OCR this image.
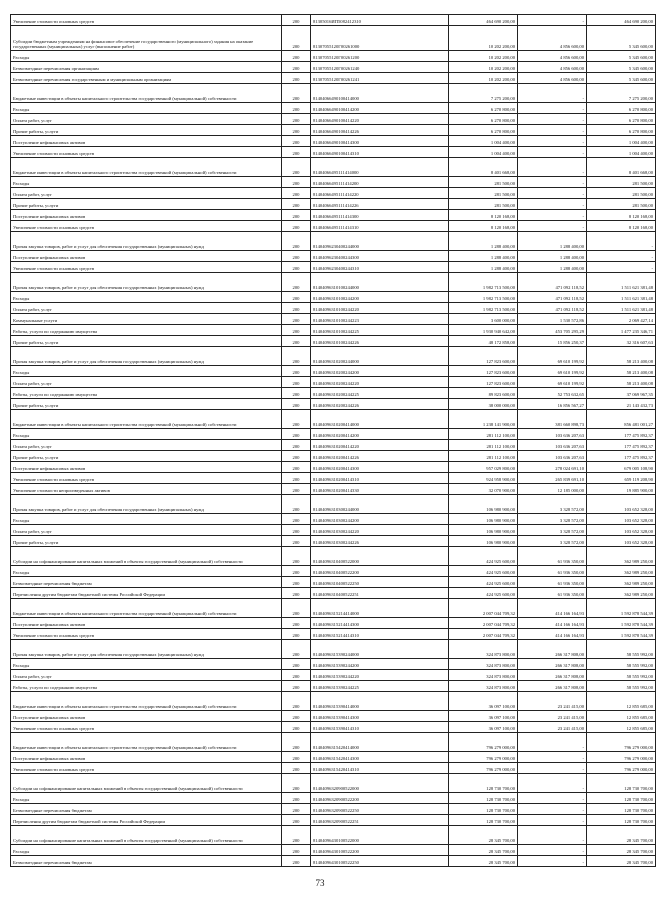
Увеличение стоимости основных средств	200	81305016ИП5082412310	464 690 200,00	-	464 690 200,00
Субсидии бюджетным учреждениям на финансовое обеспечение государственного (муниципального) задания на оказание государственных (муниципальных) услуг (выполнение работ)	200	81307055120Г00261000	10 202 200,00	4 856 600,00	5 345 600,00
Расходы	200	81307055120Г00261200	10 202 200,00	4 856 600,00	5 345 600,00
Безвозмездные перечисления организациям	200	81307055120Г00261240	10 202 200,00	4 856 600,00	5 345 600,00
Безвозмездные перечисления государственным и муниципальным организациям	200	81307055120Г00261241	10 202 200,00	4 856 600,00	5 345 600,00
Бюджетные инвестиции в объекты капитального строительства государственной (муниципальной) собственности	200	81404066490100414000	7 275 200,00	-	7 275 200,00
Расходы	200	81404066490100414200	6 270 800,00	-	6 270 800,00
Оплата работ, услуг	200	81404066490100414220	6 270 800,00	-	6 270 800,00
Прочие работы, услуги	200	81404066490100414226	6 270 800,00	-	6 270 800,00
Поступление нефинансовых активов	200	81404066490100414300	1 004 400,00	-	1 004 400,00
Увеличение стоимости основных средств	200	81404066490100414310	1 004 400,00	-	1 004 400,00
Бюджетные инвестиции в объекты капитального строительства государственной (муниципальной) собственности	200	81404066495111414000	8 401 668,00	-	8 401 668,00
Расходы	200	81404066495111414200	281 500,00	-	281 500,00
Оплата работ, услуг	200	81404066495111414220	281 500,00	-	281 500,00
Прочие работы, услуги	200	81404066495111414226	281 500,00	-	281 500,00
Поступление нефинансовых активов	200	81404066495111414300	8 120 168,00	-	8 120 168,00
Увеличение стоимости основных средств	200	81404066495111414310	8 120 168,00	-	8 120 168,00
Прочая закупка товаров, работ и услуг для обеспечения государственных (муниципальных) нужд	200	81404096230400244000	1 288 400,00	1 288 400,00	-
Поступление нефинансовых активов	200	81404096230400244300	1 288 400,00	1 288 400,00	-
Увеличение стоимости основных средств	200	81404096230400244310	1 288 400,00	1 288 400,00	-
Прочая закупка товаров, работ и услуг для обеспечения государственных (муниципальных) нужд	200	81404096310100244000	1 982 713 500,00	471 092 118,52	1 511 621 381,48
Расходы	200	81404096310100244200	1 982 713 500,00	471 092 118,52	1 511 621 381,48
Оплата работ, услуг	200	81404096310100244220	1 982 713 500,00	471 092 118,52	1 511 621 381,48
Коммунальные услуги	200	81404096310100244223	3 600 000,00	1 530 572,86	2 069 427,14
Работы, услуги по содержанию имущества	200	81404096310100244225	1 930 940 642,00	453 705 295,29	1 477 235 346,71
Прочие работы, услуги	200	81404096310100244226	48 172 858,00	15 856 250,37	32 316 607,63
Прочая закупка товаров, работ и услуг для обеспечения государственных (муниципальных) нужд	200	81404096310200244000	127 823 600,00	69 610 199,92	58 213 400,08
Расходы	200	81404096310200244200	127 823 600,00	69 610 199,92	58 213 400,08
Оплата работ, услуг	200	81404096310200244220	127 823 600,00	69 610 199,92	58 213 400,08
Работы, услуги по содержанию имущества	200	81404096310200244225	89 823 600,00	52 753 632,65	37 069 967,35
Прочие работы, услуги	200	81404096310200244226	38 000 000,00	16 856 567,27	21 143 432,73
Бюджетные инвестиции в объекты капитального строительства государственной (муниципальной) собственности	200	81404096310200414000	1 238 141 900,00	381 660 898,73	856 481 001,27
Расходы	200	81404096310200414200	281 112 100,00	103 636 207,63	177 475 892,37
Оплата работ, услуг	200	81404096310200414220	281 112 100,00	103 636 207,63	177 475 892,37
Прочие работы, услуги	200	81404096310200414226	281 112 100,00	103 636 207,63	177 475 892,37
Поступление нефинансовых активов	200	81404096310200414300	957 029 800,00	278 024 691,10	679 005 108,90
Увеличение стоимости основных средств	200	81404096310200414310	924 958 900,00	265 839 691,10	659 119 208,90
Увеличение стоимости непроизведенных активов	200	81404096310200414330	32 070 900,00	12 185 000,00	19 885 900,00
Прочая закупка товаров, работ и услуг для обеспечения государственных (муниципальных) нужд	200	81404096310300244000	106 980 900,00	3 328 572,00	103 652 328,00
Расходы	200	81404096310300244200	106 980 900,00	3 328 572,00	103 652 328,00
Оплата работ, услуг	200	81404096310300244220	106 980 900,00	3 328 572,00	103 652 328,00
Прочие работы, услуги	200	81404096310300244226	106 980 900,00	3 328 572,00	103 652 328,00
Субсидии на софинансирование капитальных вложений в объекты государственной (муниципальной) собственности	200	81404096310400522000	424 925 600,00	61 936 350,00	362 989 250,00
Расходы	200	81404096310400522200	424 925 600,00	61 936 350,00	362 989 250,00
Безвозмездные перечисления бюджетам	200	81404096310400522250	424 925 600,00	61 936 350,00	362 989 250,00
Перечисления другим бюджетам бюджетной системы Российской Федерации	200	81404096310400522251	424 925 600,00	61 936 350,00	362 989 250,00
Бюджетные инвестиции в объекты капитального строительства государственной (муниципальной) собственности	200	81404096315214414000	2 007 044 709,32	414 166 164,93	1 592 878 544,39
Поступление нефинансовых активов	200	81404096315214414300	2 007 044 709,32	414 166 164,93	1 592 878 544,39
Увеличение стоимости основных средств	200	81404096315214414310	2 007 044 709,32	414 166 164,93	1 592 878 544,39
Прочая закупка товаров, работ и услуг для обеспечения государственных (муниципальных) нужд	200	81404096315390244000	324 873 800,00	266 317 808,00	58 555 992,00
Расходы	200	81404096315390244200	324 873 800,00	266 317 808,00	58 555 992,00
Оплата работ, услуг	200	81404096315390244220	324 873 800,00	266 317 808,00	58 555 992,00
Работы, услуги по содержанию имущества	200	81404096315390244225	324 873 800,00	266 317 808,00	58 555 992,00
Бюджетные инвестиции в объекты капитального строительства государственной (муниципальной) собственности	200	81404096315390414000	36 097 100,00	23 241 415,00	12 855 685,00
Поступление нефинансовых активов	200	81404096315390414300	36 097 100,00	23 241 415,00	12 855 685,00
Увеличение стоимости основных средств	200	81404096315390414310	36 097 100,00	23 241 415,00	12 855 685,00
Бюджетные инвестиции в объекты капитального строительства государственной (муниципальной) собственности	200	81404096315420414000	796 279 000,00	-	796 279 000,00
Поступление нефинансовых активов	200	81404096315420414300	796 279 000,00	-	796 279 000,00
Увеличение стоимости основных средств	200	81404096315420414310	796 279 000,00	-	796 279 000,00
Субсидии на софинансирование капитальных вложений в объекты государственной (муниципальной) собственности	200	81404096320900522000	128 730 700,00	-	128 730 700,00
Расходы	200	81404096320900522200	128 730 700,00	-	128 730 700,00
Безвозмездные перечисления бюджетам	200	81404096320900522250	128 730 700,00	-	128 730 700,00
Перечисления другим бюджетам бюджетной системы Российской Федерации	200	81404096320900522251	128 730 700,00	-	128 730 700,00
Субсидии на софинансирование капитальных вложений в объекты государственной (муниципальной) собственности	200	81404096430100522000	28 345 700,00	-	28 345 700,00
Расходы	200	81404096430100522200	28 345 700,00	-	28 345 700,00
Безвозмездные перечисления бюджетам	200	81404096430100522250	28 345 700,00	-	28 345 700,00
73
